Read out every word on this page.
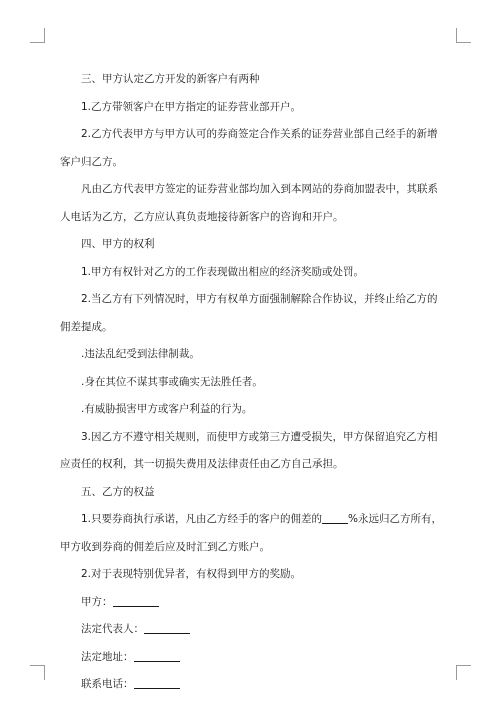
三、甲方认定乙方开发的新客户有两种

1.乙方带领客户在甲方指定的证券营业部开户。

2.乙方代表甲方与甲方认可的券商签定合作关系的证券营业部自己经手的新增客户归乙方。

凡由乙方代表甲方签定的证券营业部均加入到本网站的券商加盟表中，其联系人电话为乙方，乙方应认真负责地接待新客户的咨询和开户。

四、甲方的权利

1.甲方有权针对乙方的工作表现做出相应的经济奖励或处罚。

2.当乙方有下列情况时，甲方有权单方面强制解除合作协议，并终止给乙方的佣差提成。

.违法乱纪受到法律制裁。

.身在其位不谋其事或确实无法胜任者。

.有威胁损害甲方或客户利益的行为。

3.因乙方不遵守相关规则，而使甲方或第三方遭受损失，甲方保留追究乙方相应责任的权利，其一切损失费用及法律责任由乙方自己承担。

五、乙方的权益

1.只要券商执行承诺，凡由乙方经手的客户的佣差的 %永远归乙方所有，甲方收到券商的佣差后应及时汇到乙方账户。

2.对于表现特别优异者，有权得到甲方的奖励。

甲方：

法定代表人：

法定地址：

联系电话：
